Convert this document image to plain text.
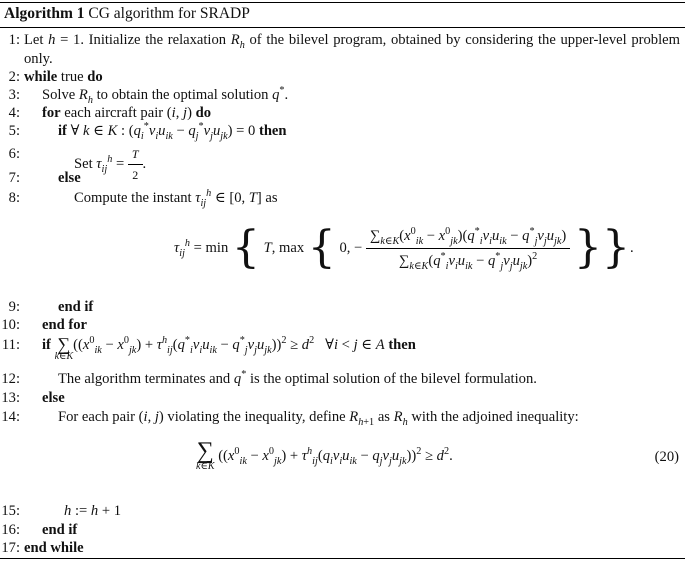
Algorithm 1 CG algorithm for SRADP
1: Let h = 1. Initialize the relaxation $R_h$ of the bilevel program, obtained by considering the upper-level problem only.
2: while true do
3: Solve $R_h$ to obtain the optimal solution q*.
4: for each aircraft pair (i, j) do
5:	if ∀ k ∈ K : $(q_i^*v_iu_{ik} - q_j^*v_ju_{jk}) = 0$ then
6:
Set $\tau_{ij}^h = \frac{T}{2}$ .
7:	else
8:	Compute the instant $\tau_{ij}^h$ ∈ [0, T] as
$\tau_{ij}^h = \min$ { T, max { 0, − $\frac{\sum_{k\in K}(x^0_{ik} - x^0_{jk})(q^*_iv_iu_{ik} - q^*_jv_ju_{jk})}{\sum_{k\in K}(q^*_iv_iu_{ik} - q^*_jv_ju_{jk})^2}$ }}.
9:	end if
10: end for
11: if ∑
k∈K
$((x^0_{ik} - x^0_{jk}) + \tau^h_{ij}(q^*_iv_iu_{ik} - q^*_jv_ju_{jk}))^2 \ge d^2$   ∀i < j ∈ A then
12:	The algorithm terminates and q* is the optimal solution of the bilevel formulation.
13: else
14:	For each pair (i, j) violating the inequality, define $R_{h+1}$ as $R_h$ with the adjoined inequality:
∑
k∈K
$((x^0_{ik} - x^0_{jk}) + \tau^h_{ij}(q_iv_iu_{ik} - q_jv_ju_{jk}))^2 \ge d^2$.	(20)
15:	h := h + 1
16: end if
17: end while
